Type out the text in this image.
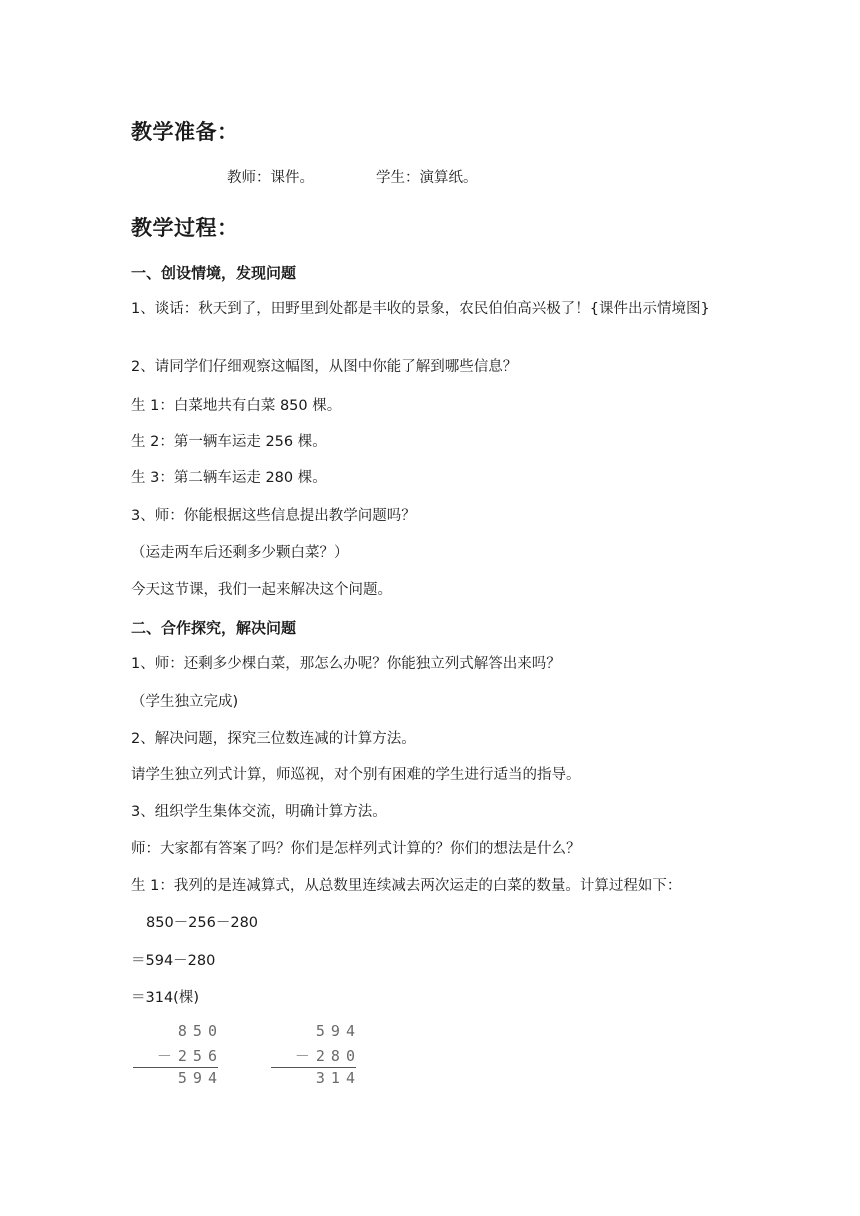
教学准备：
教师：课件。	学生：演算纸。
教学过程：
一、创设情境，发现问题
1、谈话：秋天到了，田野里到处都是丰收的景象，农民伯伯高兴极了！{课件出示情境图}
2、请同学们仔细观察这幅图，从图中你能了解到哪些信息？
生 1：白菜地共有白菜 850 棵。
生 2：第一辆车运走 256 棵。
生 3：第二辆车运走 280 棵。
3、师：你能根据这些信息提出教学问题吗？
（运走两车后还剩多少颗白菜？）
今天这节课，我们一起来解决这个问题。
二、合作探究，解决问题
1、师：还剩多少棵白菜，那怎么办呢？你能独立列式解答出来吗？
（学生独立完成)
2、解决问题，探究三位数连减的计算方法。
请学生独立列式计算，师巡视，对个别有困难的学生进行适当的指导。
3、组织学生集体交流，明确计算方法。
师：大家都有答案了吗？你们是怎样列式计算的？你们的想法是什么？
生 1：我列的是连减算式，从总数里连续减去两次运走的白菜的数量。计算过程如下：
850－256－280
＝594－280
＝314(棵)
850
－256
594
594
－280
314
